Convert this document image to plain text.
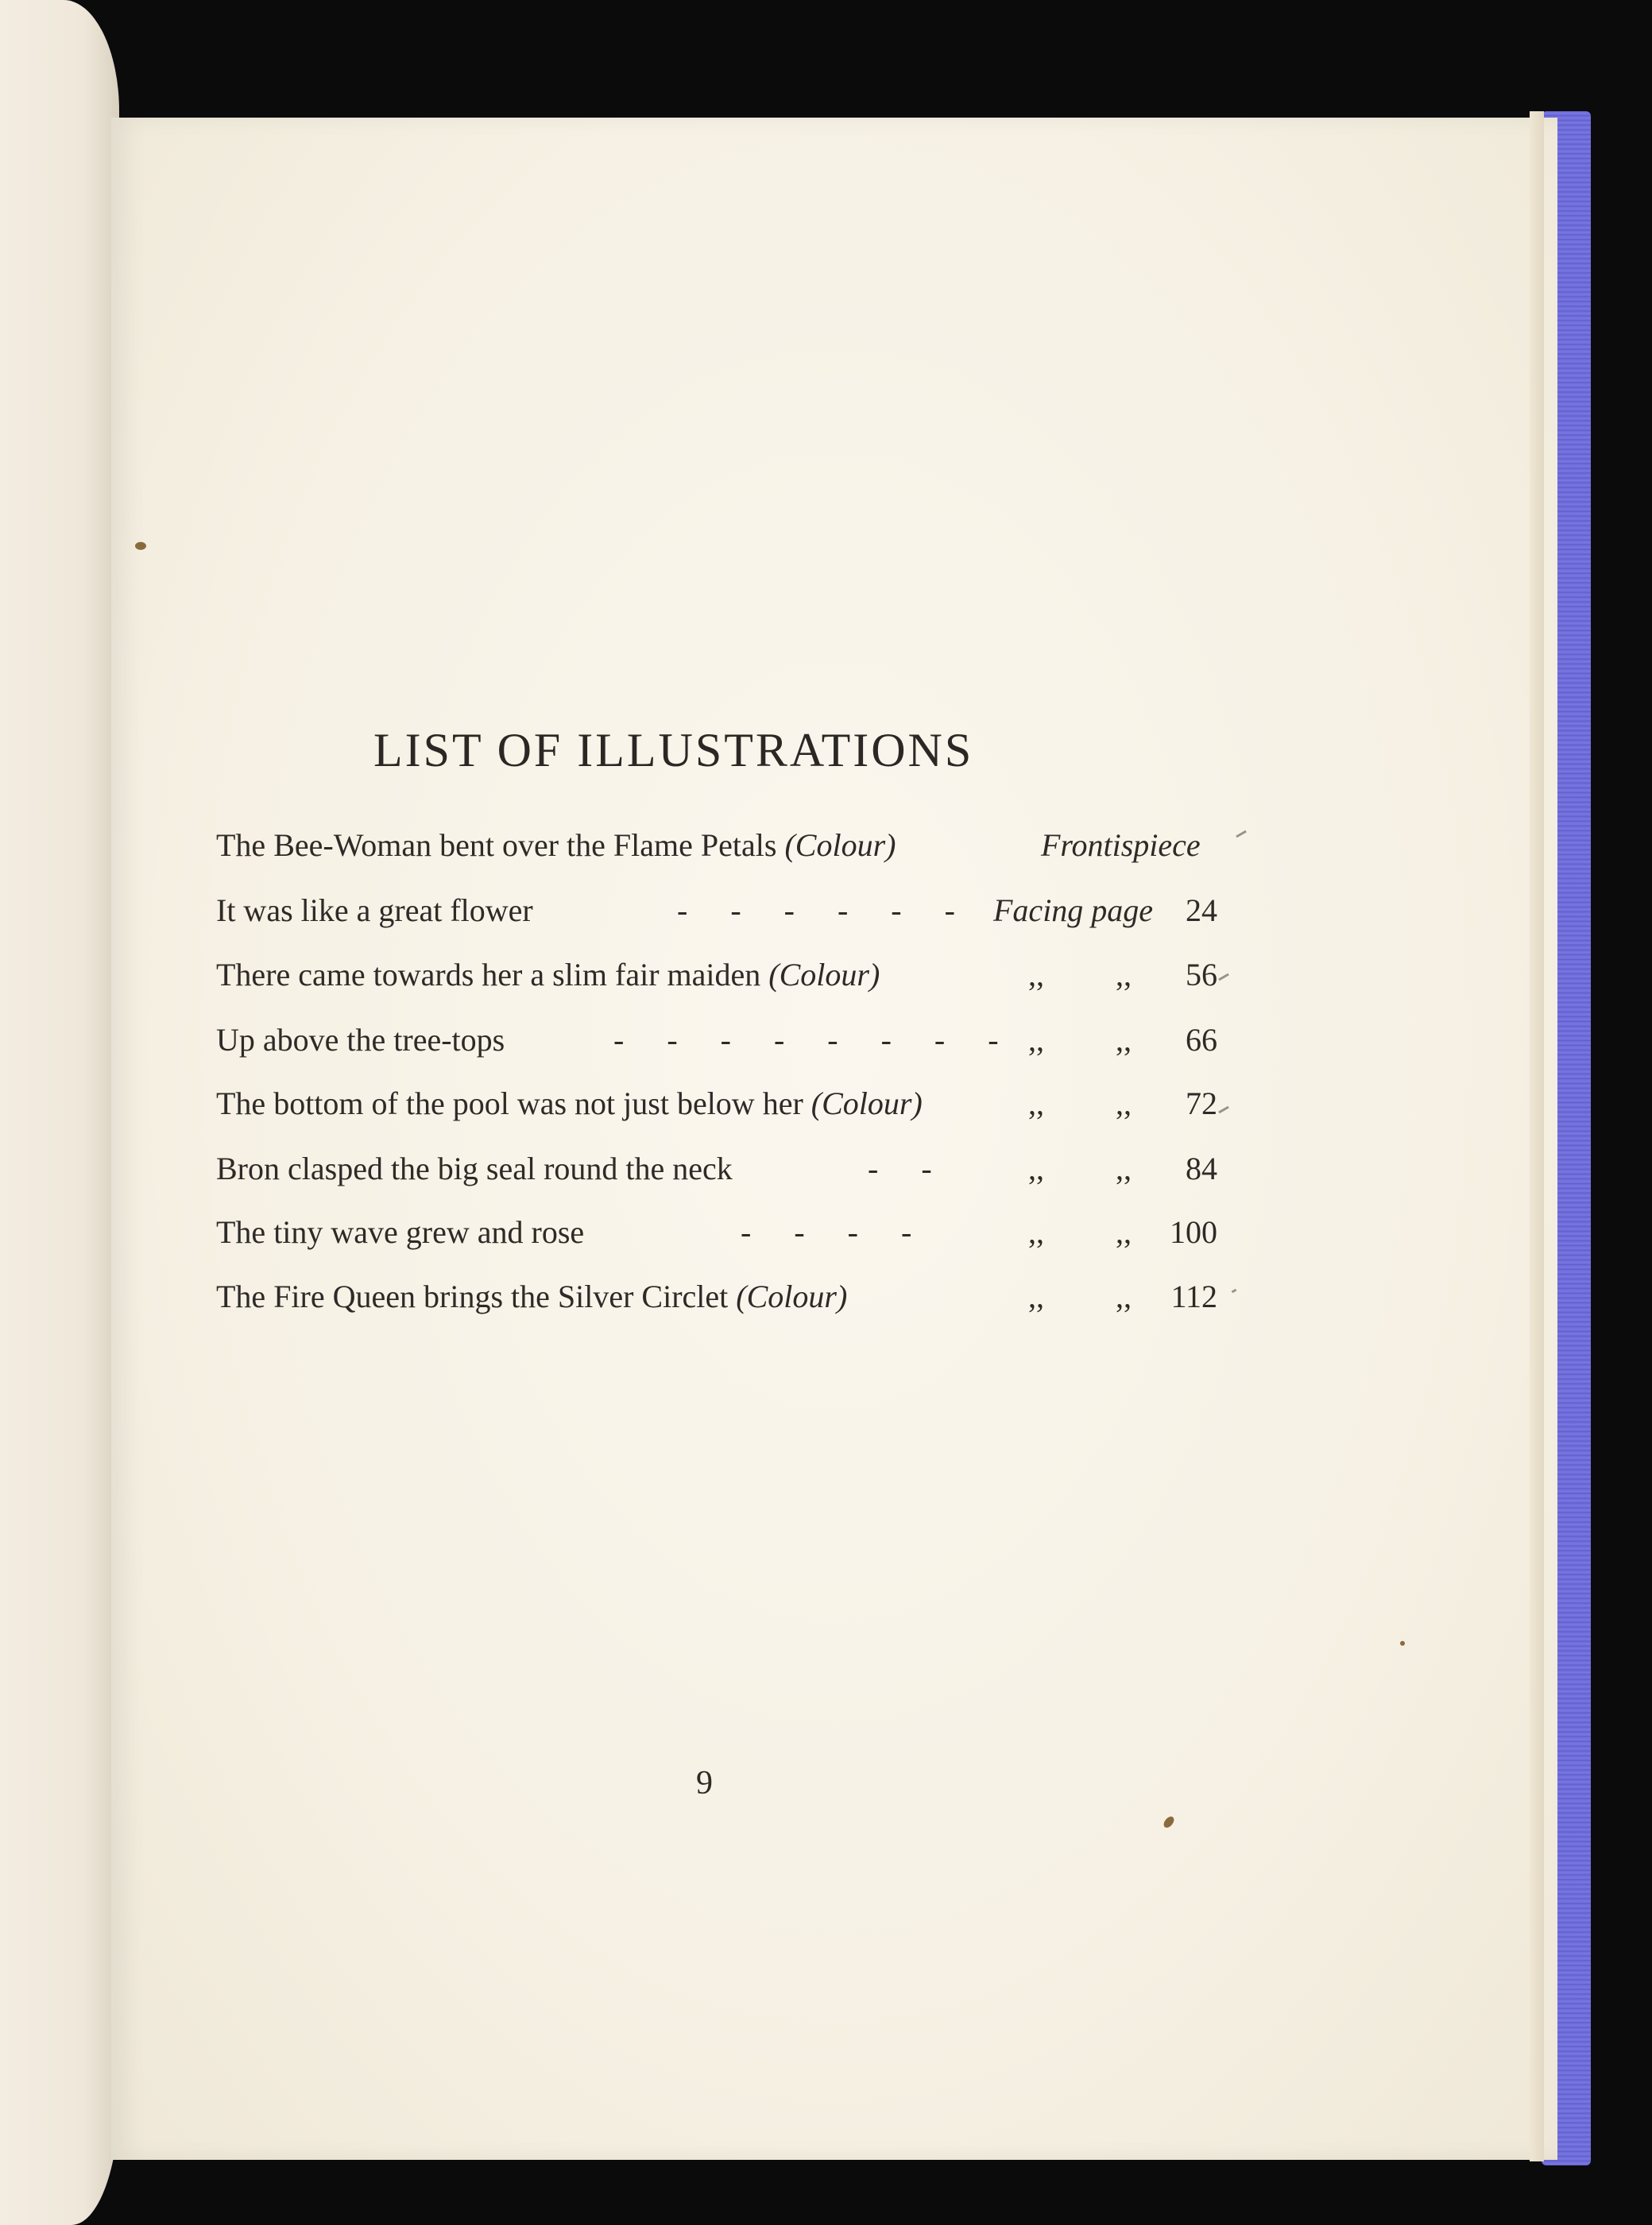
LIST OF ILLUSTRATIONS
The Bee-Woman bent over the Flame Petals (Colour)	Frontispiece
It was like a great flower	- - - - - - Facing page	24
There came towards her a slim fair maiden (Colour)	,, ,,	56
Up above the tree-tops	- - - - - - - - ,, ,,	66
The bottom of the pool was not just below her (Colour)	,, ,,	72
Bron clasped the big seal round the neck	- - ,, ,,	84
The tiny wave grew and rose	- - - -	,, ,, 100
The Fire Queen brings the Silver Circlet (Colour)	,, ,, 112
9
